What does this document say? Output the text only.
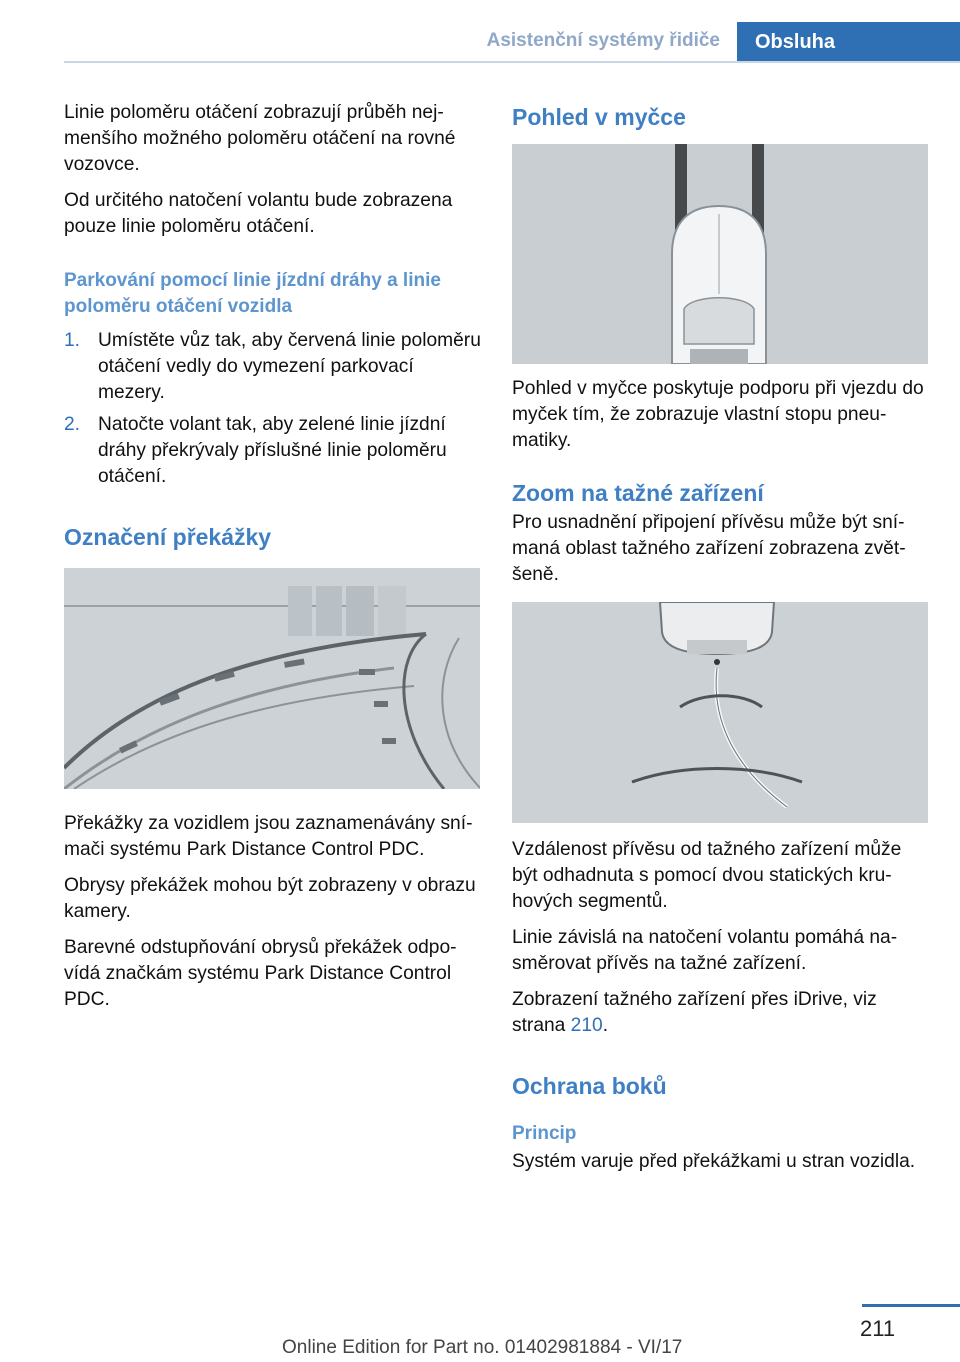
Asistenční systémy řidiče	Obsluha

Linie poloměru otáčení zobrazují průběh nejmenšího možného poloměru otáčení na rovné vozovce.

Od určitého natočení volantu bude zobrazena pouze linie poloměru otáčení.

Parkování pomocí linie jízdní dráhy a linie poloměru otáčení vozidla
1. Umístěte vůz tak, aby červená linie poloměru otáčení vedly do vymezení parkovací mezery.
2. Natočte volant tak, aby zelené linie jízdní dráhy překrývaly příslušné linie poloměru otáčení.
Označení překážky

Překážky za vozidlem jsou zaznamenávány snímači systému Park Distance Control PDC.

Obrysy překážek mohou být zobrazeny v obrazu kamery.

Barevné odstupňování obrysů překážek odpovídá značkám systému Park Distance Control PDC.

Pohled v myčce

Pohled v myčce poskytuje podporu při vjezdu do myček tím, že zobrazuje vlastní stopu pneumatiky.

Zoom na tažné zařízení

Pro usnadnění připojení přívěsu může být snímaná oblast tažného zařízení zobrazena zvětšeně.

Vzdálenost přívěsu od tažného zařízení může být odhadnuta s pomocí dvou statických kruhových segmentů.

Linie závislá na natočení volantu pomáhá nasměrovat přívěs na tažné zařízení.

Zobrazení tažného zařízení přes iDrive, viz strana 210.

Ochrana boků
Princip

Systém varuje před překážkami u stran vozidla.

211
Online Edition for Part no. 01402981884 - VI/17
